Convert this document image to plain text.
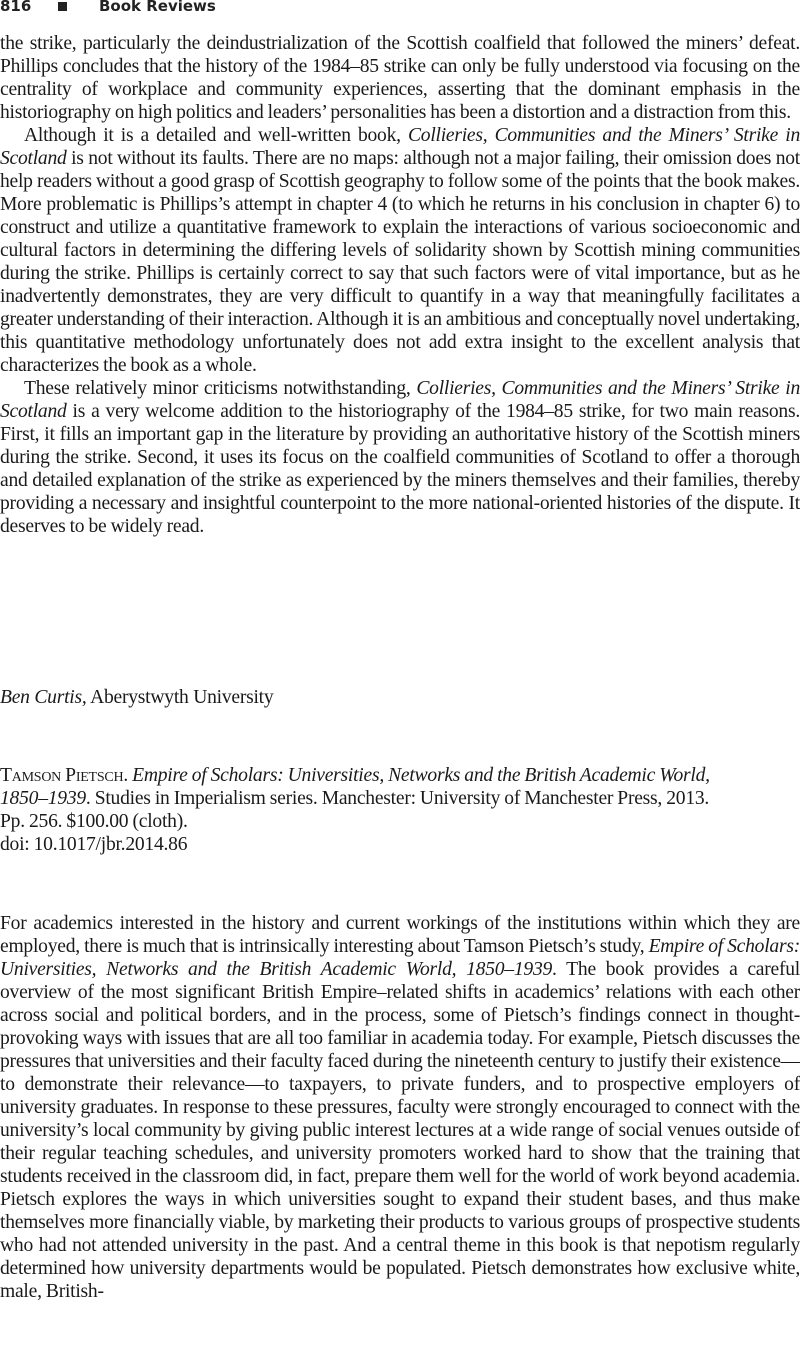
816	Book Reviews

the strike, particularly the deindustrialization of the Scottish coalfield that followed the miners’ defeat. Phillips concludes that the history of the 1984–85 strike can only be fully understood via focusing on the centrality of workplace and community experiences, asserting that the dominant emphasis in the historiography on high politics and leaders’ personalities has been a distortion and a distraction from this.

Although it is a detailed and well-written book, Collieries, Communities and the Miners’ Strike in Scotland is not without its faults. There are no maps: although not a major failing, their omission does not help readers without a good grasp of Scottish geography to follow some of the points that the book makes. More problematic is Phillips’s attempt in chapter 4 (to which he returns in his conclusion in chapter 6) to construct and utilize a quantitative framework to explain the interactions of various socioeconomic and cultural factors in determining the differing levels of solidarity shown by Scottish mining communities during the strike. Phillips is certainly correct to say that such factors were of vital importance, but as he inadvertently demonstrates, they are very difficult to quantify in a way that meaningfully facilitates a greater understanding of their interaction. Although it is an ambitious and conceptually novel undertaking, this quantitative methodology unfortunately does not add extra insight to the excellent analysis that characterizes the book as a whole.

These relatively minor criticisms notwithstanding, Collieries, Communities and the Miners’ Strike in Scotland is a very welcome addition to the historiography of the 1984–85 strike, for two main reasons. First, it fills an important gap in the literature by providing an authoritative history of the Scottish miners during the strike. Second, it uses its focus on the coalfield communities of Scotland to offer a thorough and detailed explanation of the strike as experienced by the miners themselves and their families, thereby providing a necessary and insightful counterpoint to the more national-oriented histories of the dispute. It deserves to be widely read.

Ben Curtis, Aberystwyth University
Tamson Pietsch. Empire of Scholars: Universities, Networks and the British Academic World,
1850–1939. Studies in Imperialism series. Manchester: University of Manchester Press, 2013.
Pp. 256. $100.00 (cloth).
doi: 10.1017/jbr.2014.86

For academics interested in the history and current workings of the institutions within which they are employed, there is much that is intrinsically interesting about Tamson Pietsch’s study, Empire of Scholars: Universities, Networks and the British Academic World, 1850–1939. The book provides a careful overview of the most significant British Empire–related shifts in academics’ relations with each other across social and political borders, and in the process, some of Pietsch’s findings connect in thought-provoking ways with issues that are all too familiar in academia today. For example, Pietsch discusses the pressures that universities and their faculty faced during the nineteenth century to justify their existence—to demonstrate their relevance—to taxpayers, to private funders, and to prospective employers of university graduates. In response to these pressures, faculty were strongly encouraged to connect with the university’s local community by giving public interest lectures at a wide range of social venues outside of their regular teaching schedules, and university promoters worked hard to show that the training that students received in the classroom did, in fact, prepare them well for the world of work beyond academia. Pietsch explores the ways in which universities sought to expand their student bases, and thus make themselves more financially viable, by marketing their products to various groups of prospective students who had not attended university in the past. And a central theme in this book is that nepotism regularly determined how university departments would be populated. Pietsch demonstrates how exclusive white, male, British-
